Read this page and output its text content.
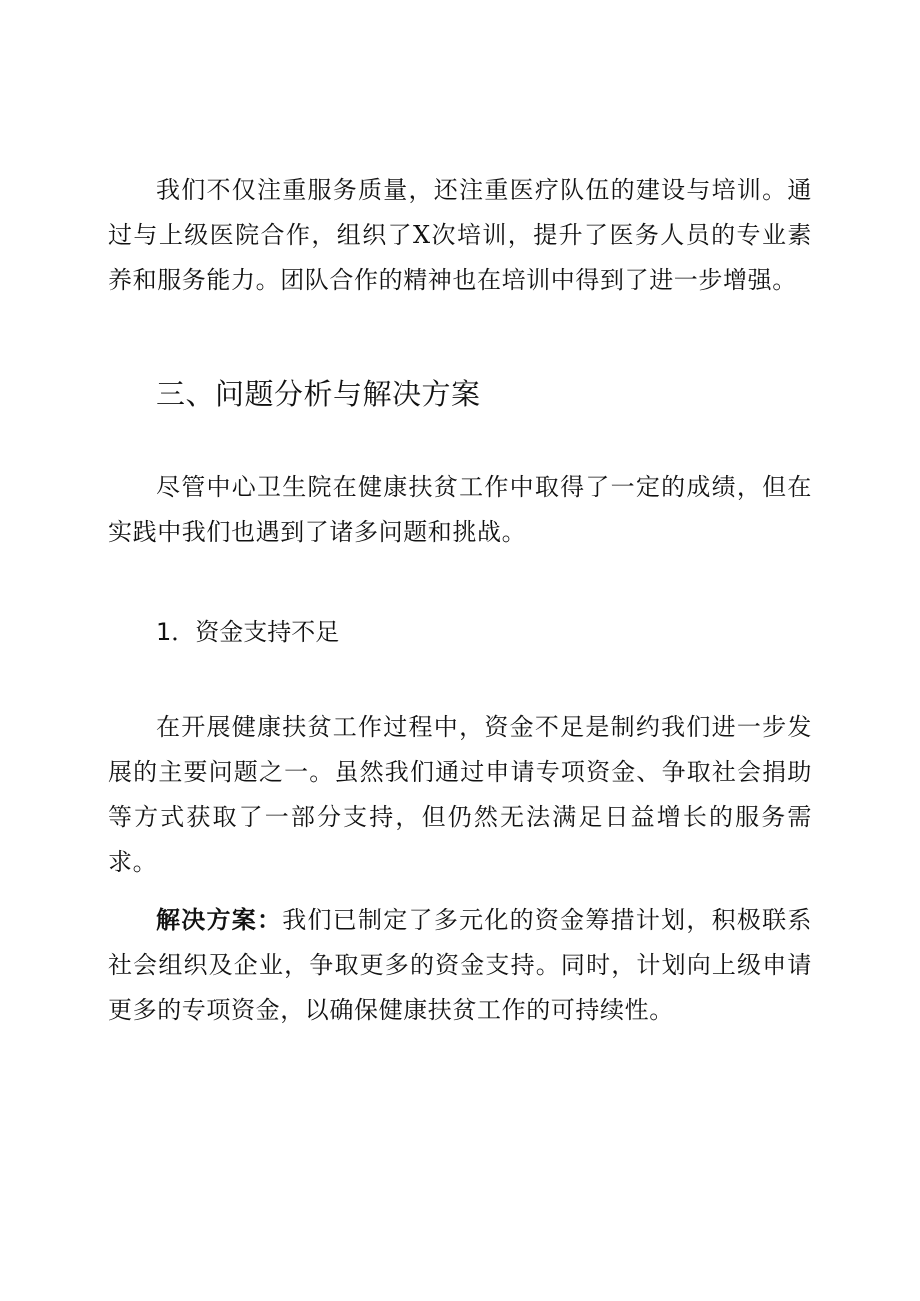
我们不仅注重服务质量，还注重医疗队伍的建设与培训。通过与上级医院合作，组织了X次培训，提升了医务人员的专业素养和服务能力。团队合作的精神也在培训中得到了进一步增强。

三、问题分析与解决方案

尽管中心卫生院在健康扶贫工作中取得了一定的成绩，但在实践中我们也遇到了诸多问题和挑战。

1．资金支持不足

在开展健康扶贫工作过程中，资金不足是制约我们进一步发展的主要问题之一。虽然我们通过申请专项资金、争取社会捐助等方式获取了一部分支持，但仍然无法满足日益增长的服务需求。

解决方案：我们已制定了多元化的资金筹措计划，积极联系社会组织及企业，争取更多的资金支持。同时，计划向上级申请更多的专项资金，以确保健康扶贫工作的可持续性。
